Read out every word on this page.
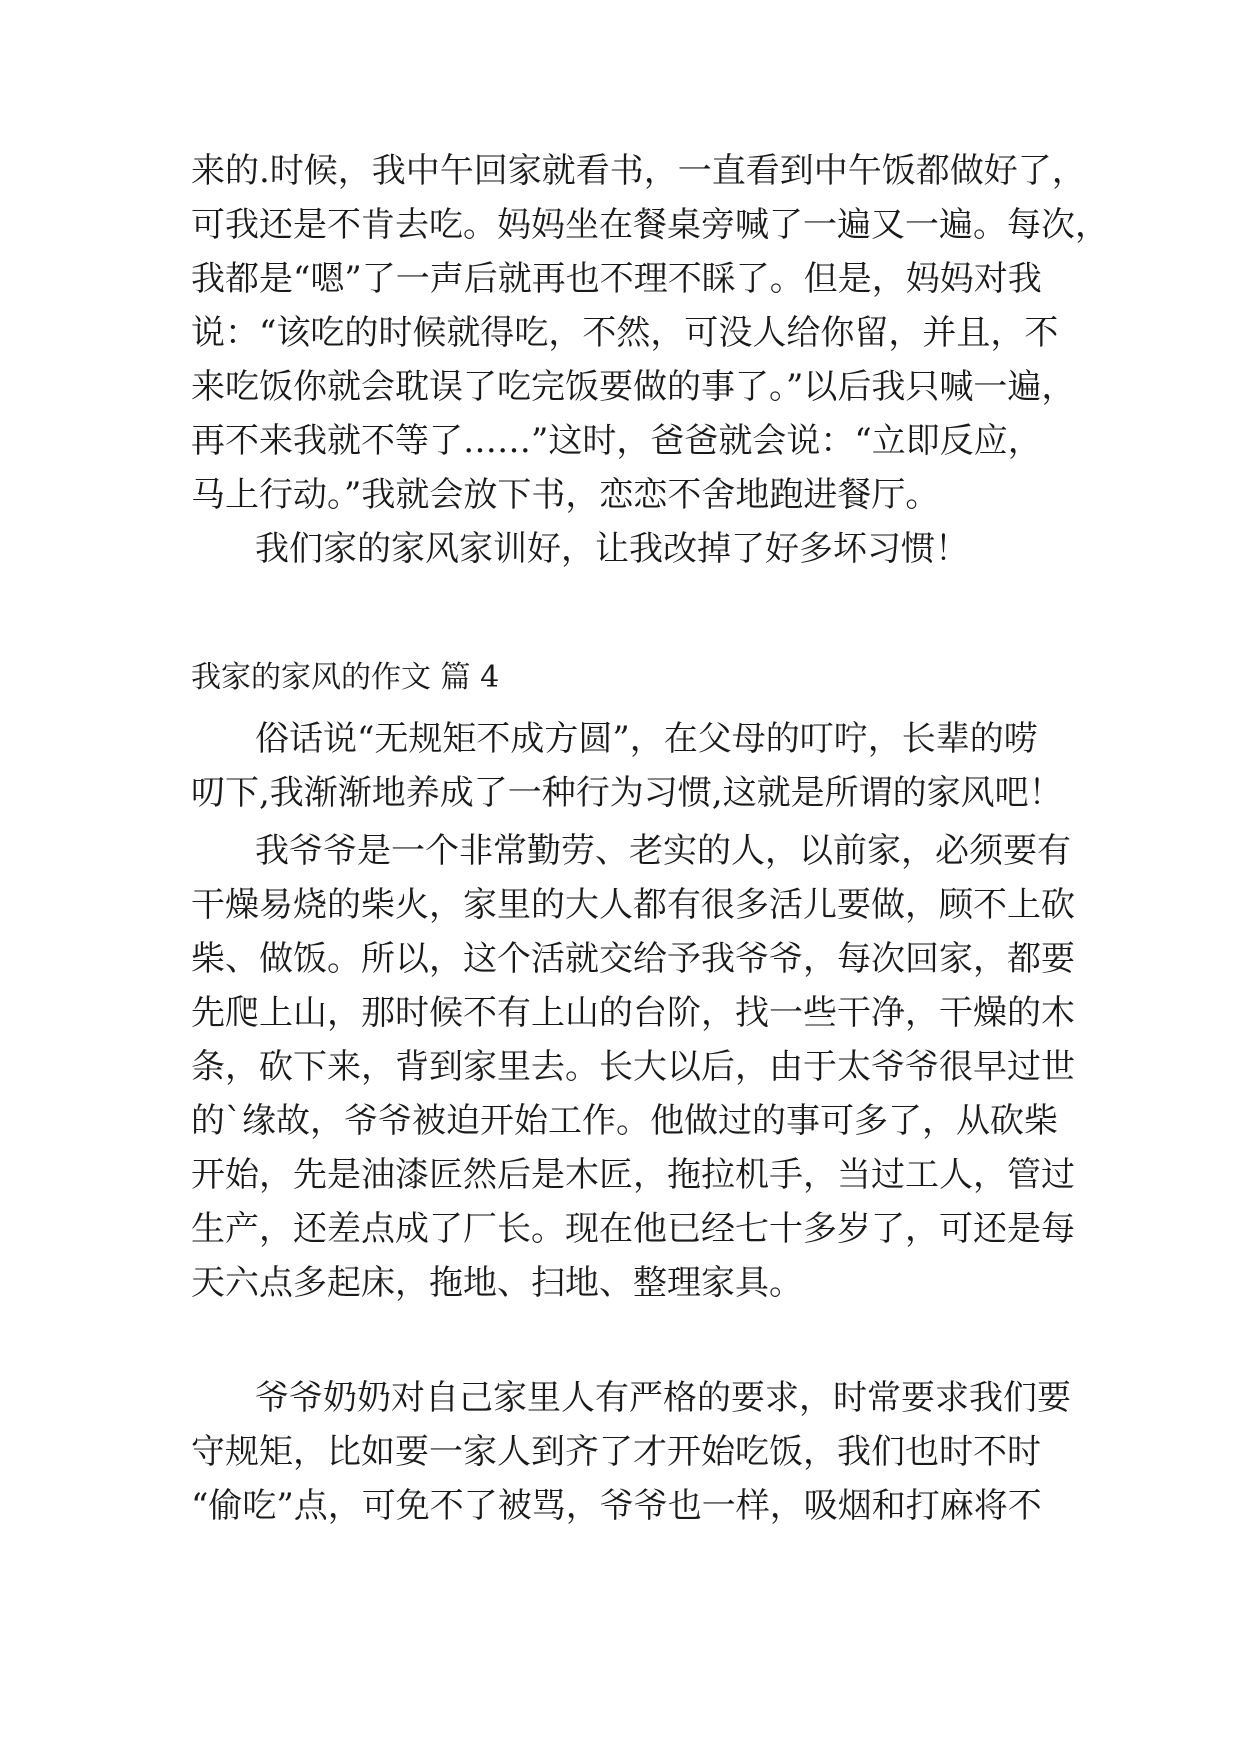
来的.时候，我中午回家就看书，一直看到中午饭都做好了，
可我还是不肯去吃。妈妈坐在餐桌旁喊了一遍又一遍。每次，
我都是“嗯”了一声后就再也不理不睬了。但是，妈妈对我
说：“该吃的时候就得吃，不然，可没人给你留，并且，不
来吃饭你就会耽误了吃完饭要做的事了。”以后我只喊一遍，
再不来我就不等了……”这时，爸爸就会说：“立即反应，
马上行动。”我就会放下书，恋恋不舍地跑进餐厅。
我们家的家风家训好，让我改掉了好多坏习惯！
我家的家风的作文 篇 4
俗话说“无规矩不成方圆”，在父母的叮咛，长辈的唠
叨下,我渐渐地养成了一种行为习惯,这就是所谓的家风吧！
我爷爷是一个非常勤劳、老实的人，以前家，必须要有
干燥易烧的柴火，家里的大人都有很多活儿要做，顾不上砍
柴、做饭。所以，这个活就交给予我爷爷，每次回家，都要
先爬上山，那时候不有上山的台阶，找一些干净，干燥的木
条，砍下来，背到家里去。长大以后，由于太爷爷很早过世
的`缘故，爷爷被迫开始工作。他做过的事可多了，从砍柴
开始，先是油漆匠然后是木匠，拖拉机手，当过工人，管过
生产，还差点成了厂长。现在他已经七十多岁了，可还是每
天六点多起床，拖地、扫地、整理家具。
爷爷奶奶对自己家里人有严格的要求，时常要求我们要
守规矩，比如要一家人到齐了才开始吃饭，我们也时不时
“偷吃”点，可免不了被骂，爷爷也一样，吸烟和打麻将不
